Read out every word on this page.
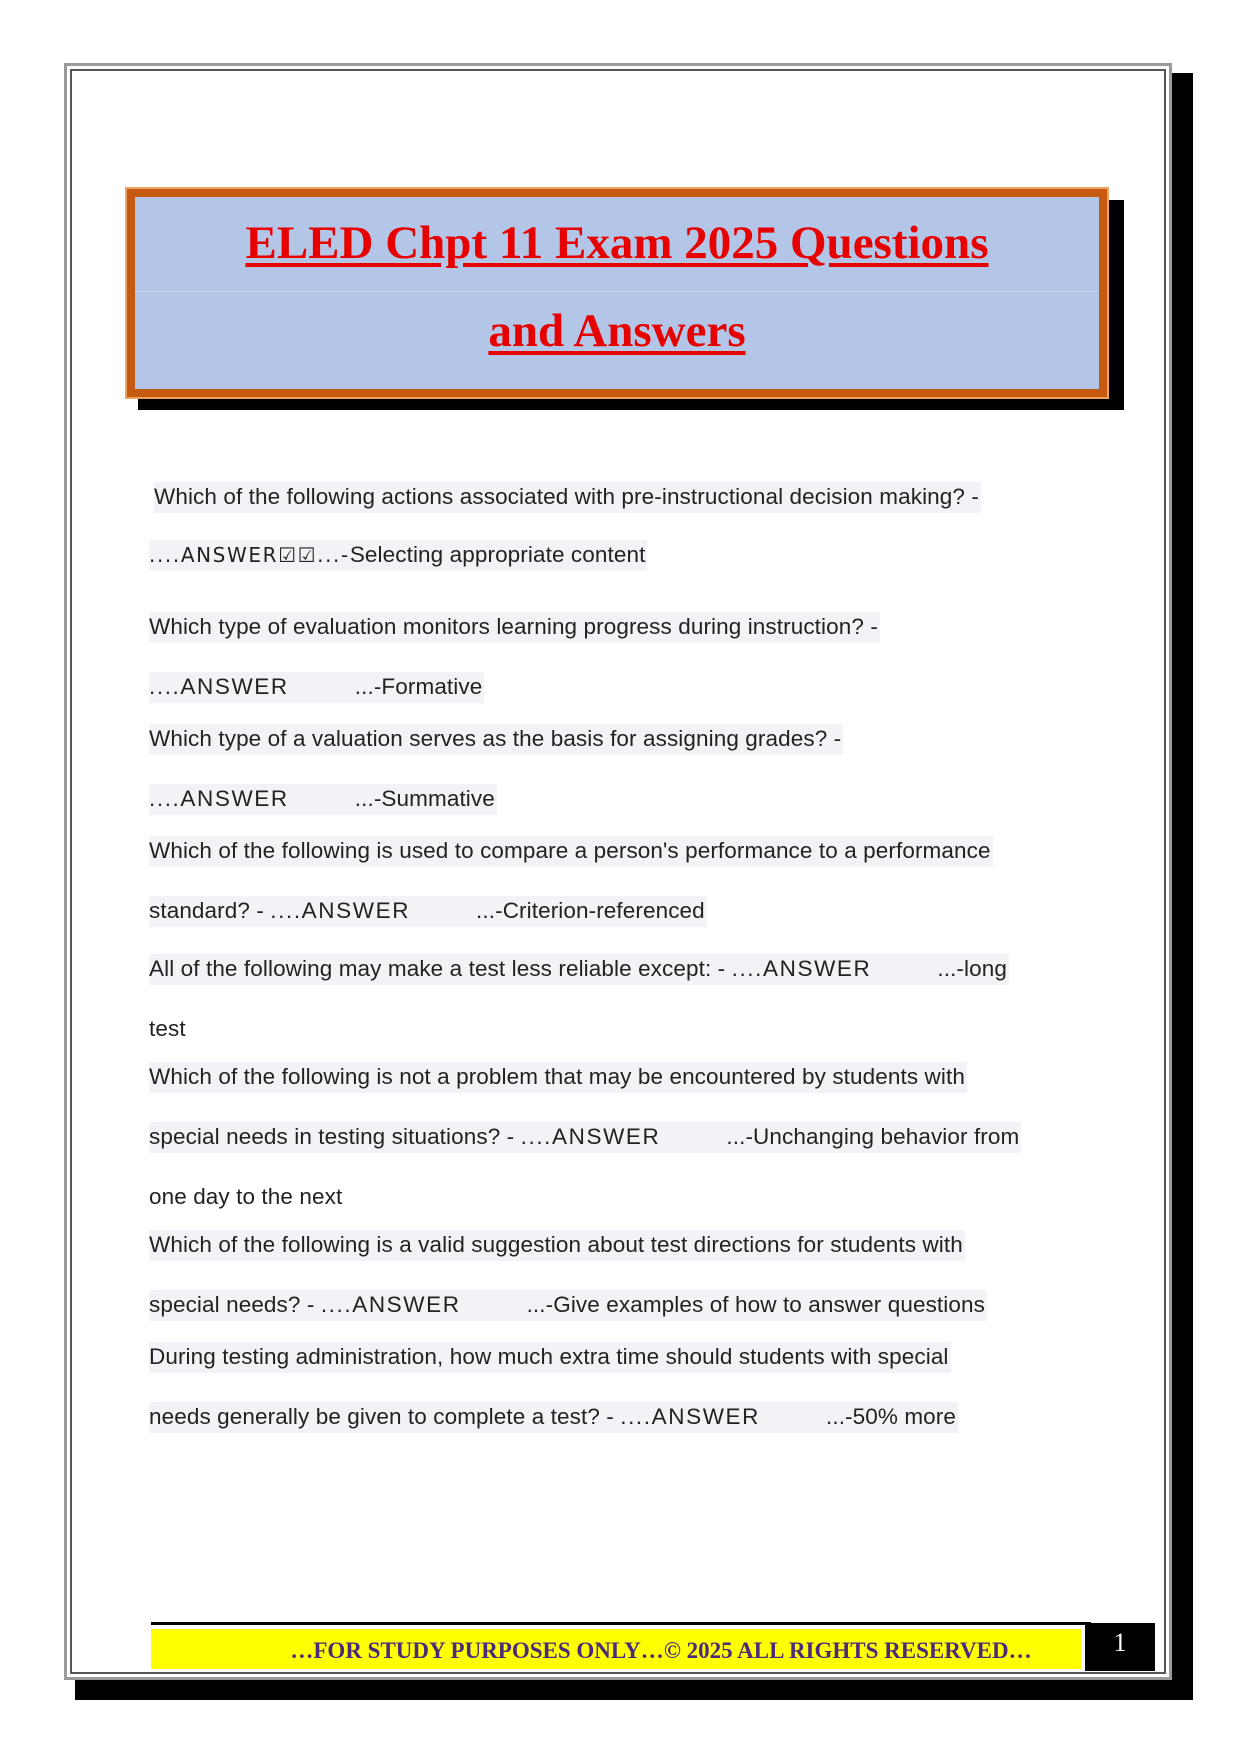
ELED Chpt 11 Exam 2025 Questions
and Answers
Which of the following actions associated with pre-instructional decision making? -
....ANSWER☑☑...-Selecting appropriate content
Which type of evaluation monitors learning progress during instruction? -
....ANSWER	...-Formative
Which type of a valuation serves as the basis for assigning grades? -
....ANSWER	...-Summative
Which of the following is used to compare a person's performance to a performance
standard? - ....ANSWER	...-Criterion-referenced
All of the following may make a test less reliable except: - ....ANSWER	...-long
test
Which of the following is not a problem that may be encountered by students with
special needs in testing situations? - ....ANSWER	...-Unchanging behavior from
one day to the next
Which of the following is a valid suggestion about test directions for students with
special needs? - ....ANSWER	...-Give examples of how to answer questions
During testing administration, how much extra time should students with special
needs generally be given to complete a test? - ....ANSWER	...-50% more
…FOR STUDY PURPOSES ONLY…© 2025 ALL RIGHTS RESERVED…	1
